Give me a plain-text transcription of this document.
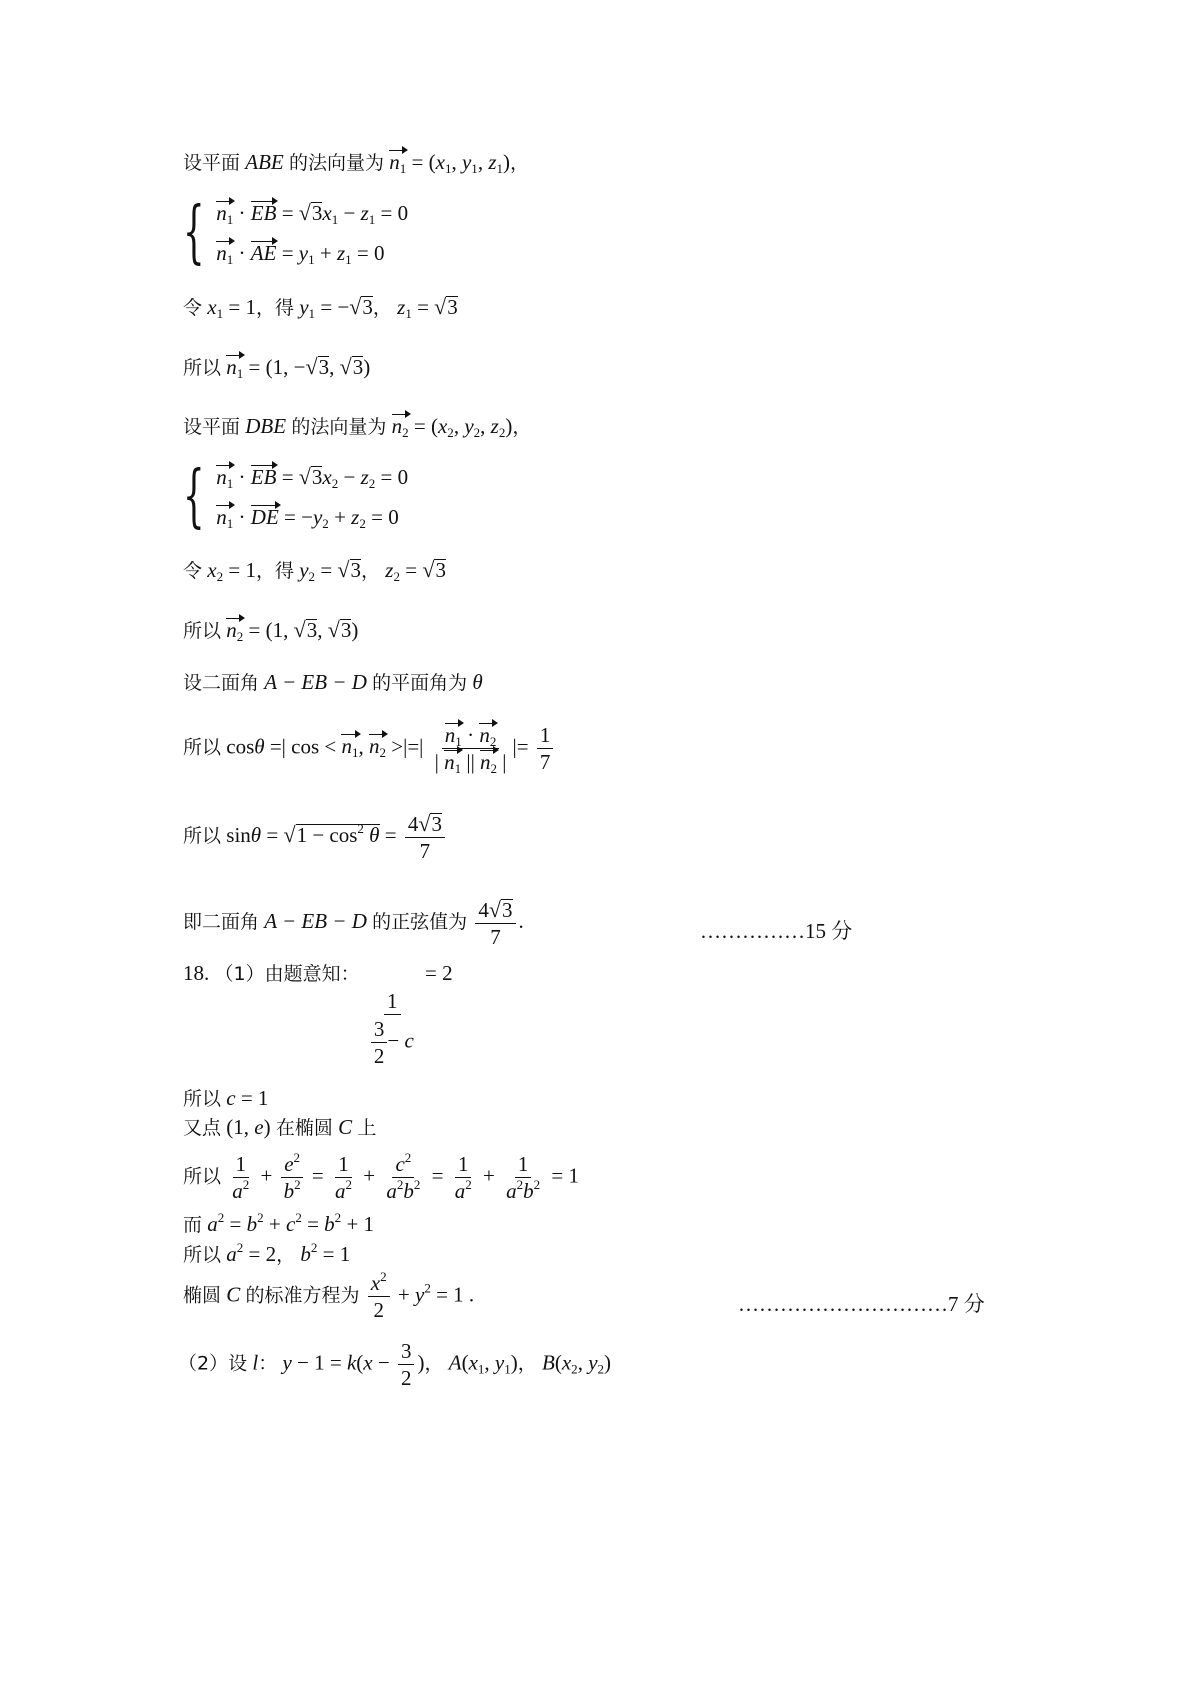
设平面 ABE 的法向量为 $n_1 = (x_1$, $y_1$, $z_1$)，
{ $n_1$ · EB = $√3x_1 - z_1 = 0$
$n_1$ · AE = $y_1 + z_1 = 0$
令 $x_1 = 1$，得 $y_1 = -√3$， $z_1 = √3$
所以 $n_1 = (1$, −√3, √3)
设平面 DBE 的法向量为 $n_2 = (x_2$, $y_2$, $z_2$)，
{ $n_1$ · EB = $√3x_2 - z_2 = 0$
$n_1$ · DE = $-y_2 + z_2 = 0$
令 $x_2 = 1$，得 $y_2 = √3$， $z_2 = √3$
所以 $n_2 = (1$, √3, √3)
设二面角 A − EB − D 的平面角为 θ
所以 cosθ =| $\cos < n_1$, $n_2$ >|=| $\frac{n_1 \cdot n_2}{| n_1 || n_2 |}$ |= $\frac{1}{7}$
所以 $\sin\theta = √1 - \cos^2 \theta = \frac{4√3}{7}$
即二面角 A − EB − D 的正弦值为 $\frac{4√3}{7}$ .	……………15 分
18. （1）由题意知：
$\frac{1}{\frac{3}{2} - c}$
= 2
所以 c = 1
又点 (1, e) 在椭圆 C 上
所以 $\frac{1}{a^2} + \frac{e^2}{b^2} = \frac{1}{a^2} + \frac{c^2}{a^2b^2} = \frac{1}{a^2} + \frac{1}{a^2b^2} = 1$
而 $a^2 = b^2 + c^2 = b^2 + 1$
所以 $a^2 = 2$， $b^2 = 1$
椭圆 C 的标准方程为 $\frac{x^2}{2} + y^2 = 1$ .	…………………………7 分
（2）设 l： $y - 1 = k(x - \frac{3}{2}$ )， $A(x_1$, $y_1$)， $B(x_2$, $y_2$)
